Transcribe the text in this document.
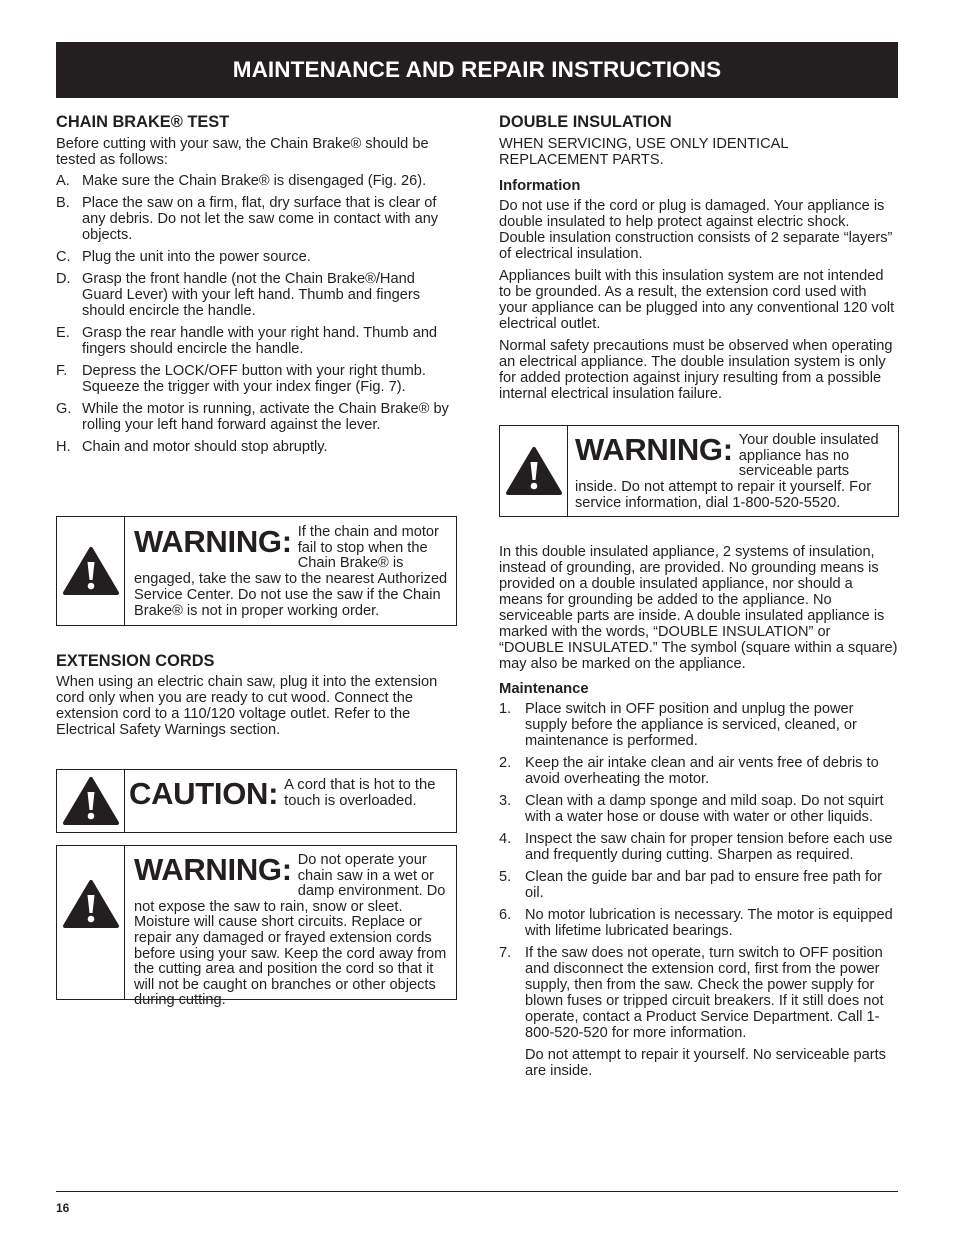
MAINTENANCE AND REPAIR INSTRUCTIONS
CHAIN BRAKE® TEST

Before cutting with your saw, the Chain Brake® should be tested as follows:

A. Make sure the Chain Brake® is disengaged (Fig. 26).
B. Place the saw on a firm, flat, dry surface that is clear of any debris. Do not let the saw come in contact with any objects.
C. Plug the unit into the power source.
D. Grasp the front handle (not the Chain Brake®/Hand Guard Lever) with your left hand. Thumb and fingers should encircle the handle.
E. Grasp the rear handle with your right hand. Thumb and fingers should encircle the handle.
F. Depress the LOCK/OFF button with your right thumb. Squeeze the trigger with your index finger (Fig. 7).
G. While the motor is running, activate the Chain Brake® by rolling your left hand forward against the lever.
H. Chain and motor should stop abruptly.
WARNING: If the chain and motor fail to stop when the Chain Brake® is engaged, take the saw to the nearest Authorized Service Center. Do not use the saw if the Chain Brake® is not in proper working order.
EXTENSION CORDS

When using an electric chain saw, plug it into the extension cord only when you are ready to cut wood. Connect the extension cord to a 110/120 voltage outlet. Refer to the Electrical Safety Warnings section.

CAUTION: A cord that is hot to the touch is overloaded.
WARNING: Do not operate your chain saw in a wet or damp environment. Do not expose the saw to rain, snow or sleet. Moisture will cause short circuits. Replace or repair any damaged or frayed extension cords before using your saw. Keep the cord away from the cutting area and position the cord so that it will not be caught on branches or other objects during cutting.
DOUBLE INSULATION

WHEN SERVICING, USE ONLY IDENTICAL REPLACEMENT PARTS.

Information

Do not use if the cord or plug is damaged. Your appliance is double insulated to help protect against electric shock. Double insulation construction consists of 2 separate “layers” of electrical insulation.

Appliances built with this insulation system are not intended to be grounded. As a result, the extension cord used with your appliance can be plugged into any conventional 120 volt electrical outlet.

Normal safety precautions must be observed when operating an electrical appliance. The double insulation system is only for added protection against injury resulting from a possible internal electrical insulation failure.

WARNING: Your double insulated appliance has no serviceable parts inside. Do not attempt to repair it yourself. For service information, dial 1-800-520-5520.

In this double insulated appliance, 2 systems of insulation, instead of grounding, are provided. No grounding means is provided on a double insulated appliance, nor should a means for grounding be added to the appliance. No serviceable parts are inside. A double insulated appliance is marked with the words, “DOUBLE INSULATION” or “DOUBLE INSULATED.” The symbol (square within a square) may also be marked on the appliance.

Maintenance
1. Place switch in OFF position and unplug the power supply before the appliance is serviced, cleaned, or maintenance is performed.
2. Keep the air intake clean and air vents free of debris to avoid overheating the motor.
3. Clean with a damp sponge and mild soap. Do not squirt with a water hose or douse with water or other liquids.
4. Inspect the saw chain for proper tension before each use and frequently during cutting. Sharpen as required.
5. Clean the guide bar and bar pad to ensure free path for oil.
6. No motor lubrication is necessary. The motor is equipped with lifetime lubricated bearings.
7. If the saw does not operate, turn switch to OFF position and disconnect the extension cord, first from the power supply, then from the saw. Check the power supply for blown fuses or tripped circuit breakers. If it still does not operate, contact a Product Service Department. Call 1-800-520-520 for more information.

Do not attempt to repair it yourself. No serviceable parts are inside.

16
